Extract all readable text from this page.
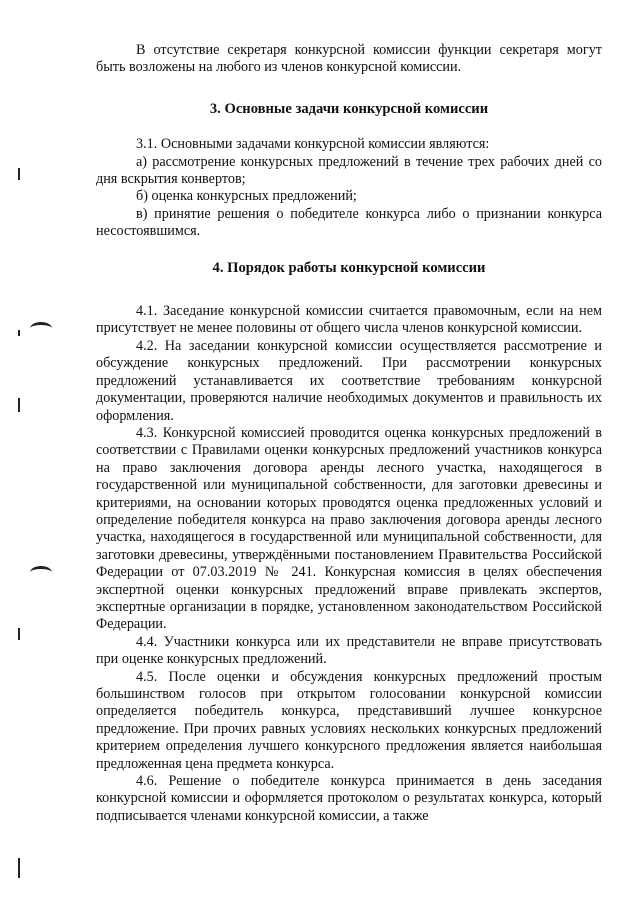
В отсутствие секретаря конкурсной комиссии функции секретаря могут быть возложены на любого из членов конкурсной комиссии.

3. Основные задачи конкурсной комиссии

3.1. Основными задачами конкурсной комиссии являются:

а) рассмотрение конкурсных предложений в течение трех рабочих дней со дня вскрытия конвертов;

б) оценка конкурсных предложений;

в) принятие решения о победителе конкурса либо о признании конкурса несостоявшимся.

4. Порядок работы конкурсной комиссии

4.1. Заседание конкурсной комиссии считается правомочным, если на нем присутствует не менее половины от общего числа членов конкурсной комиссии.

4.2. На заседании конкурсной комиссии осуществляется рассмотрение и обсуждение конкурсных предложений. При рассмотрении конкурсных предложений устанавливается их соответствие требованиям конкурсной документации, проверяются наличие необходимых документов и правильность их оформления.

4.3. Конкурсной комиссией проводится оценка конкурсных предложений в соответствии с Правилами оценки конкурсных предложений участников конкурса на право заключения договора аренды лесного участка, находящегося в государственной или муниципальной собственности, для заготовки древесины и критериями, на основании которых проводятся оценка предложенных условий и определение победителя конкурса на право заключения договора аренды лесного участка, находящегося в государственной или муниципальной собственности, для заготовки древесины, утверждёнными постановлением Правительства Российской Федерации от 07.03.2019 № 241. Конкурсная комиссия в целях обеспечения экспертной оценки конкурсных предложений вправе привлекать экспертов, экспертные организации в порядке, установленном законодательством Российской Федерации.

4.4. Участники конкурса или их представители не вправе присутствовать при оценке конкурсных предложений.

4.5. После оценки и обсуждения конкурсных предложений простым большинством голосов при открытом голосовании конкурсной комиссии определяется победитель конкурса, представивший лучшее конкурсное предложение. При прочих равных условиях нескольких конкурсных предложений критерием определения лучшего конкурсного предложения является наибольшая предложенная цена предмета конкурса.

4.6. Решение о победителе конкурса принимается в день заседания конкурсной комиссии и оформляется протоколом о результатах конкурса, который подписывается членами конкурсной комиссии, а также
